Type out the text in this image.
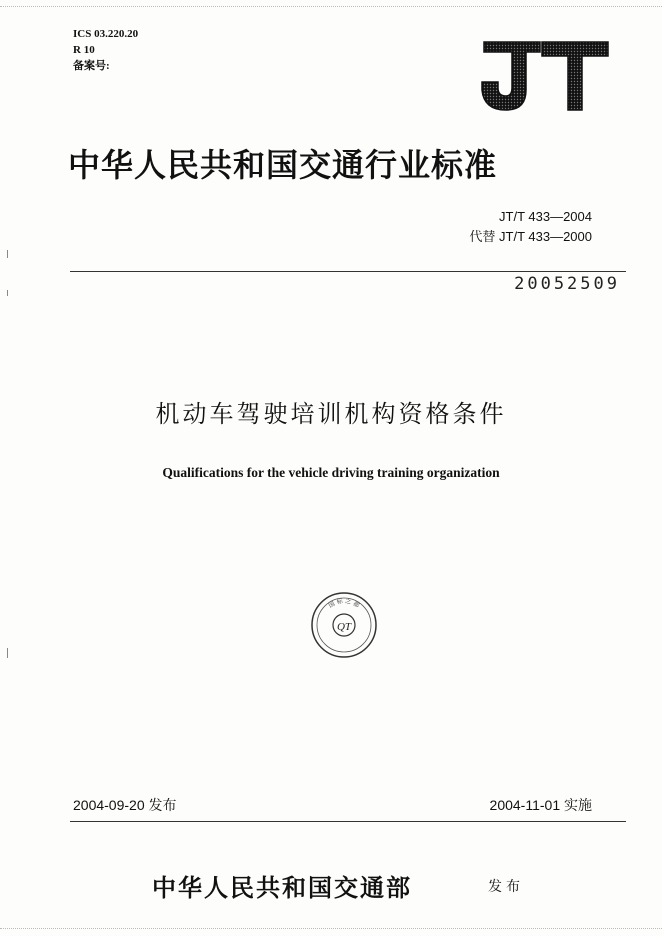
ICS 03.220.20
R 10
备案号:
中华人民共和国交通行业标准
JT/T 433—2004
代替 JT/T 433—2000
20052509
机动车驾驶培训机构资格条件
Qualifications for the vehicle driving training organization
QT
国 标 之 都
2004-09-20 发布	2004-11-01 实施
中华人民共和国交通部	发布
